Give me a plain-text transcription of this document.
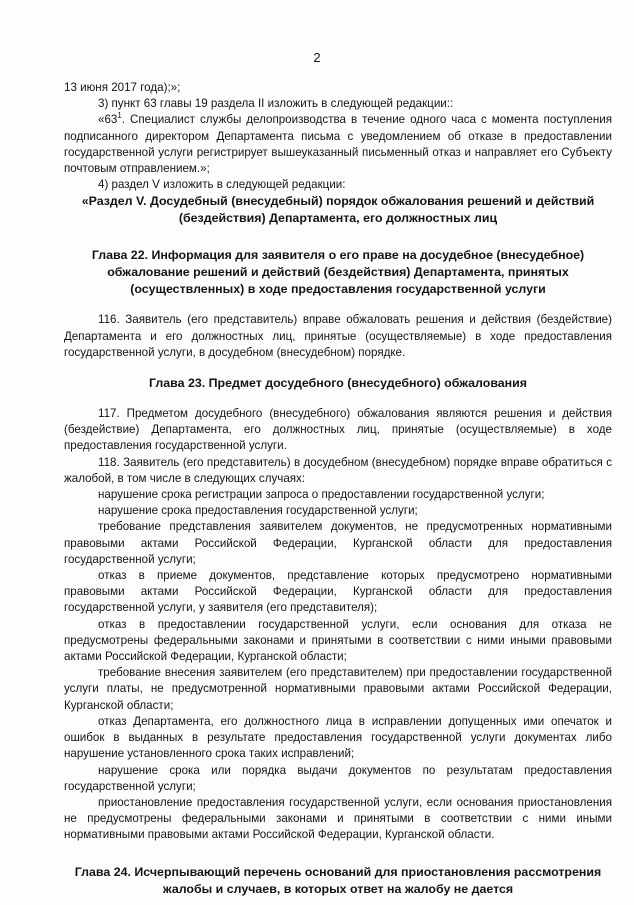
2

13 июня 2017 года);»;

3) пункт 63 главы 19 раздела II изложить в следующей редакции::

«$63^1$. Специалист службы делопроизводства в течение одного часа с момента поступления подписанного директором Департамента письма с уведомлением об отказе в предоставлении государственной услуги регистрирует вышеуказанный письменный отказ и направляет его Субъекту почтовым отправлением.»;

4) раздел V изложить в следующей редакции:

«Раздел V. Досудебный (внесудебный) порядок обжалования решений и действий (бездействия) Департамента, его должностных лиц

Глава 22. Информация для заявителя о его праве на досудебное (внесудебное) обжалование решений и действий (бездействия) Департамента, принятых (осуществленных) в ходе предоставления государственной услуги

116. Заявитель (его представитель) вправе обжаловать решения и действия (бездействие) Департамента и его должностных лиц, принятые (осуществляемые) в ходе предоставления государственной услуги, в досудебном (внесудебном) порядке.

Глава 23. Предмет досудебного (внесудебного) обжалования

117. Предметом досудебного (внесудебного) обжалования являются решения и действия (бездействие) Департамента, его должностных лиц, принятые (осуществляемые) в ходе предоставления государственной услуги.

118. Заявитель (его представитель) в досудебном (внесудебном) порядке вправе обратиться с жалобой, в том числе в следующих случаях:

нарушение срока регистрации запроса о предоставлении государственной услуги;

нарушение срока предоставления государственной услуги;

требование представления заявителем документов, не предусмотренных нормативными правовыми актами Российской Федерации, Курганской области для предоставления государственной услуги;

отказ в приеме документов, представление которых предусмотрено нормативными правовыми актами Российской Федерации, Курганской области для предоставления государственной услуги, у заявителя (его представителя);

отказ в предоставлении государственной услуги, если основания для отказа не предусмотрены федеральными законами и принятыми в соответствии с ними иными правовыми актами Российской Федерации, Курганской области;

требование внесения заявителем (его представителем) при предоставлении государственной услуги платы, не предусмотренной нормативными правовыми актами Российской Федерации, Курганской области;

отказ Департамента, его должностного лица в исправлении допущенных ими опечаток и ошибок в выданных в результате предоставления государственной услуги документах либо нарушение установленного срока таких исправлений;

нарушение срока или порядка выдачи документов по результатам предоставления государственной услуги;

приостановление предоставления государственной услуги, если основания приостановления не предусмотрены федеральными законами и принятыми в соответствии с ними иными нормативными правовыми актами Российской Федерации, Курганской области.

Глава 24. Исчерпывающий перечень оснований для приостановления рассмотрения жалобы и случаев, в которых ответ на жалобу не дается
